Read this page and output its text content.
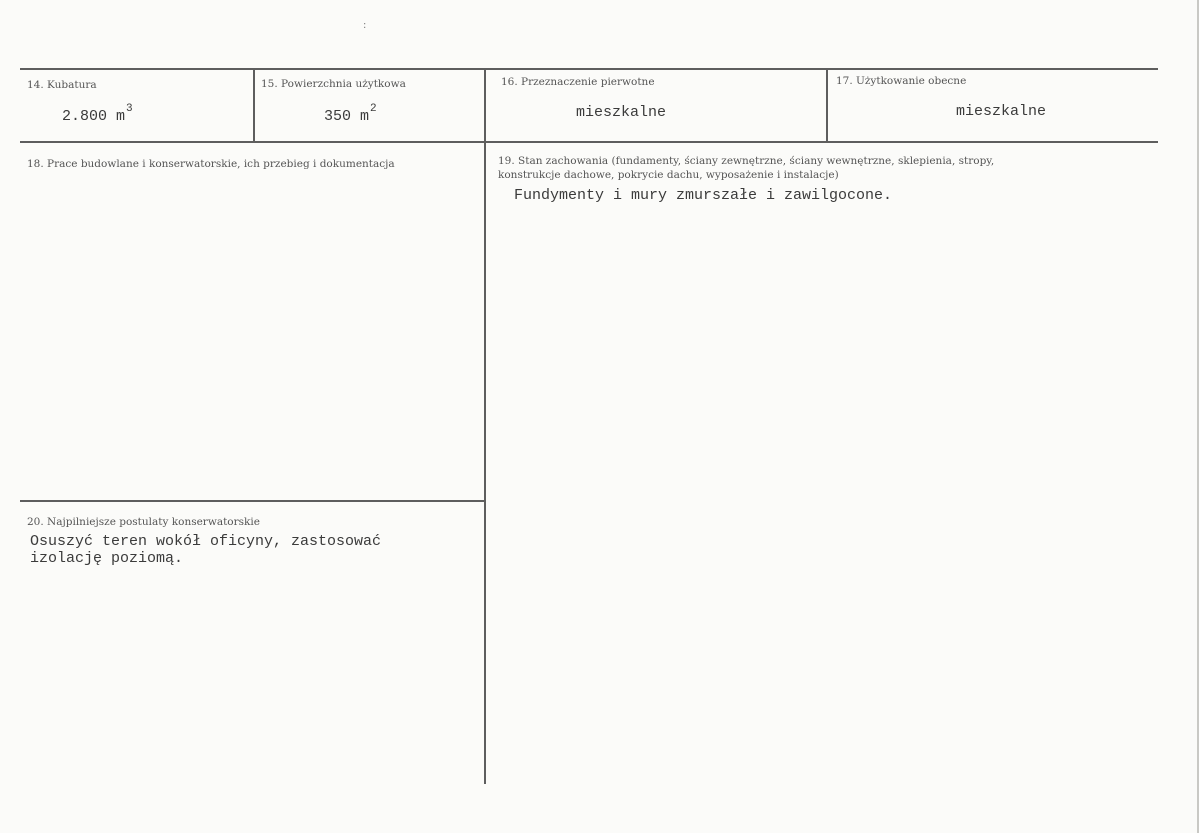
:
14. Kubatura
2.800 $m^3$
15. Powierzchnia użytkowa
350 $m^2$
16. Przeznaczenie pierwotne
mieszkalne
17. Użytkowanie obecne
mieszkalne
18. Prace budowlane i konserwatorskie, ich przebieg i dokumentacja	19. Stan zachowania (fundamenty, ściany zewnętrzne, ściany wewnętrzne, sklepienia, stropy,
konstrukcje dachowe, pokrycie dachu, wyposażenie i instalacje)
Fundymenty i mury zmurszałe i zawilgocone.
20. Najpilniejsze postulaty konserwatorskie
Osuszyć teren wokół oficyny, zastosować
izolację poziomą.
